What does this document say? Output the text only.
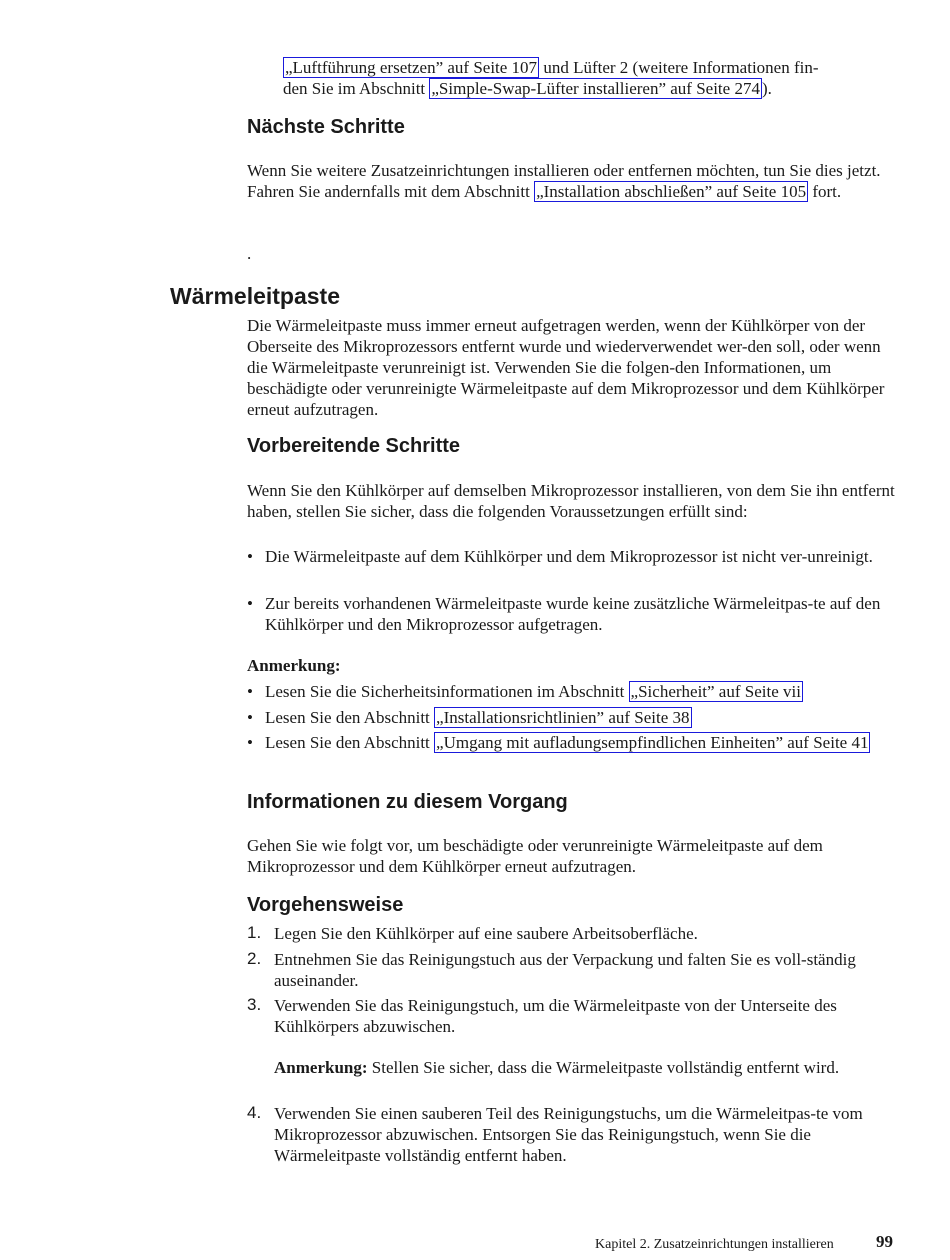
„Luftführung ersetzen” auf Seite 107 und Lüfter 2 (weitere Informationen fin-
den Sie im Abschnitt „Simple-Swap-Lüfter installieren” auf Seite 274 ).
Nächste Schritte

Wenn Sie weitere Zusatzeinrichtungen installieren oder entfernen möchten, tun Sie dies jetzt. Fahren Sie andernfalls mit dem Abschnitt „Installation abschließen” auf Seite 105 fort.

.
Wärmeleitpaste

Die Wärmeleitpaste muss immer erneut aufgetragen werden, wenn der Kühlkörper von der Oberseite des Mikroprozessors entfernt wurde und wiederverwendet wer-den soll, oder wenn die Wärmeleitpaste verunreinigt ist. Verwenden Sie die folgen-den Informationen, um beschädigte oder verunreinigte Wärmeleitpaste auf dem Mikroprozessor und dem Kühlkörper erneut aufzutragen.

Vorbereitende Schritte

Wenn Sie den Kühlkörper auf demselben Mikroprozessor installieren, von dem Sie ihn entfernt haben, stellen Sie sicher, dass die folgenden Voraussetzungen erfüllt sind:

• Die Wärmeleitpaste auf dem Kühlkörper und dem Mikroprozessor ist nicht ver-unreinigt.

• Zur bereits vorhandenen Wärmeleitpaste wurde keine zusätzliche Wärmeleitpas-te auf den Kühlkörper und den Mikroprozessor aufgetragen.

Anmerkung:
• Lesen Sie die Sicherheitsinformationen im Abschnitt „Sicherheit” auf Seite vii

• Lesen Sie den Abschnitt „Installationsrichtlinien” auf Seite 38

• Lesen Sie den Abschnitt „Umgang mit aufladungsempfindlichen Einheiten” auf Seite 41

Informationen zu diesem Vorgang

Gehen Sie wie folgt vor, um beschädigte oder verunreinigte Wärmeleitpaste auf dem Mikroprozessor und dem Kühlkörper erneut aufzutragen.

Vorgehensweise
1. Legen Sie den Kühlkörper auf eine saubere Arbeitsoberfläche.

2. Entnehmen Sie das Reinigungstuch aus der Verpackung und falten Sie es voll-ständig auseinander.

3. Verwenden Sie das Reinigungstuch, um die Wärmeleitpaste von der Unterseite des Kühlkörpers abzuwischen.

Anmerkung: Stellen Sie sicher, dass die Wärmeleitpaste vollständig entfernt wird.

4. Verwenden Sie einen sauberen Teil des Reinigungstuchs, um die Wärmeleitpas-te vom Mikroprozessor abzuwischen. Entsorgen Sie das Reinigungstuch, wenn Sie die Wärmeleitpaste vollständig entfernt haben.

Kapitel 2. Zusatzeinrichtungen installieren 99
